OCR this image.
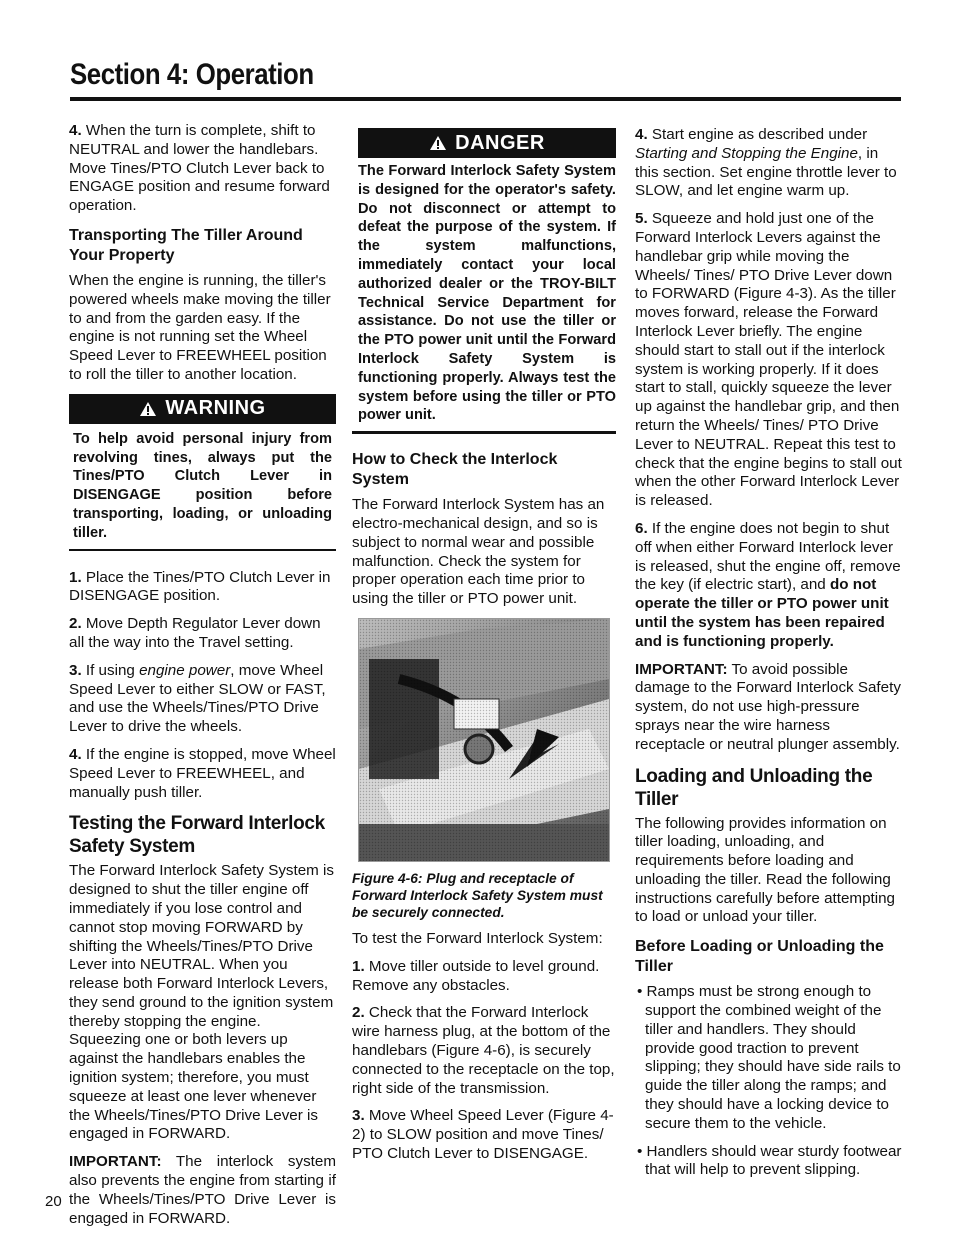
Section 4: Operation

4. When the turn is complete, shift to NEUTRAL and lower the handlebars. Move Tines/PTO Clutch Lever back to ENGAGE position and resume forward operation.

Transporting The Tiller Around Your Property

When the engine is running, the tiller's powered wheels make moving the tiller to and from the garden easy. If the engine is not running set the Wheel Speed Lever to FREEWHEEL position to roll the tiller to another location.

WARNING
To help avoid personal injury from revolving tines, always put the Tines/PTO Clutch Lever in DISENGAGE position before transporting, loading, or unloading tiller.

1. Place the Tines/PTO Clutch Lever in DISENGAGE position.

2. Move Depth Regulator Lever down all the way into the Travel setting.

3. If using engine power, move Wheel Speed Lever to either SLOW or FAST, and use the Wheels/Tines/PTO Drive Lever to drive the wheels.

4. If the engine is stopped, move Wheel Speed Lever to FREEWHEEL, and manually push tiller.

Testing the Forward Interlock Safety System

The Forward Interlock Safety System is designed to shut the tiller engine off immediately if you lose control and cannot stop moving FORWARD by shifting the Wheels/Tines/PTO Drive Lever into NEUTRAL. When you release both Forward Interlock Levers, they send ground to the ignition system thereby stopping the engine. Squeezing one or both levers up against the handlebars enables the ignition system; therefore, you must squeeze at least one lever whenever the Wheels/Tines/PTO Drive Lever is engaged in FORWARD.

IMPORTANT: The interlock system also prevents the engine from starting if the Wheels/Tines/PTO Drive Lever is engaged in FORWARD.

DANGER
The Forward Interlock Safety System is designed for the operator's safety. Do not disconnect or attempt to defeat the purpose of the system. If the system malfunctions, immediately contact your local authorized dealer or the TROY-BILT Technical Service Department for assistance. Do not use the tiller or the PTO power unit until the Forward Interlock Safety System is functioning properly. Always test the system before using the tiller or PTO power unit.
How to Check the Interlock System

The Forward Interlock System has an electro-mechanical design, and so is subject to normal wear and possible malfunction. Check the system for proper operation each time prior to using the tiller or PTO power unit.

Figure 4-6: Plug and receptacle of Forward Interlock Safety System must be securely connected.

To test the Forward Interlock System:

1. Move tiller outside to level ground. Remove any obstacles.

2. Check that the Forward Interlock wire harness plug, at the bottom of the handlebars (Figure 4-6), is securely connected to the receptacle on the top, right side of the transmission.

3. Move Wheel Speed Lever (Figure 4-2) to SLOW position and move Tines/ PTO Clutch Lever to DISENGAGE.

4. Start engine as described under Starting and Stopping the Engine, in this section. Set engine throttle lever to SLOW, and let engine warm up.

5. Squeeze and hold just one of the Forward Interlock Levers against the handlebar grip while moving the Wheels/ Tines/ PTO Drive Lever down to FORWARD (Figure 4-3). As the tiller moves forward, release the Forward Interlock Lever briefly. The engine should start to stall out if the interlock system is working properly. If it does start to stall, quickly squeeze the lever up against the handlebar grip, and then return the Wheels/ Tines/ PTO Drive Lever to NEUTRAL. Repeat this test to check that the engine begins to stall out when the other Forward Interlock Lever is released.

6. If the engine does not begin to shut off when either Forward Interlock lever is released, shut the engine off, remove the key (if electric start), and do not operate the tiller or PTO power unit until the system has been repaired and is functioning properly.

IMPORTANT: To avoid possible damage to the Forward Interlock Safety system, do not use high-pressure sprays near the wire harness receptacle or neutral plunger assembly.

Loading and Unloading the Tiller

The following provides information on tiller loading, unloading, and requirements before loading and unloading the tiller. Read the following instructions carefully before attempting to load or unload your tiller.

Before Loading or Unloading the Tiller

• Ramps must be strong enough to support the combined weight of the tiller and handlers. They should provide good traction to prevent slipping; they should have side rails to guide the tiller along the ramps; and they should have a locking device to secure them to the vehicle.

• Handlers should wear sturdy footwear that will help to prevent slipping.

20
